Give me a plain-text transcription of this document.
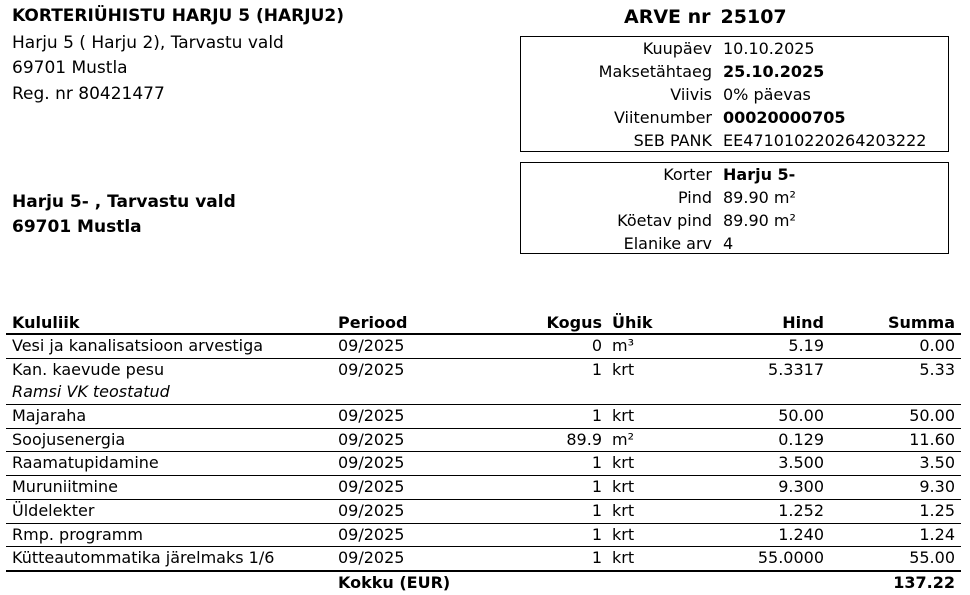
KORTERIÜHISTU HARJU 5 (HARJU2)
Harju 5 ( Harju 2), Tarvastu vald
69701 Mustla
Reg. nr 80421477
Harju 5- , Tarvastu vald
69701 Mustla
ARVE nr 25107
Kuupäev 10.10.2025
Maksetähtaeg 25.10.2025
Viivis 0% päevas
Viitenumber 00020000705
SEB PANK EE471010220264203222
Korter Harju 5-
Pind 89.90 m²
Köetav pind 89.90 m²
Elanike arv 4
Kululiik	Periood	Kogus Ühik	Hind	Summa
Vesi ja kanalisatsioon arvestiga	09/2025	0 m³	5.19	0.00
Kan. kaevude pesu	09/2025	1 krt	5.3317	5.33
Ramsi VK teostatud
Majaraha	09/2025	1 krt	50.00	50.00
Soojusenergia	09/2025	89.9 m²	0.129	11.60
Raamatupidamine	09/2025	1 krt	3.500	3.50
Muruniitmine	09/2025	1 krt	9.300	9.30
Üldelekter	09/2025	1 krt	1.252	1.25
Rmp. programm	09/2025	1 krt	1.240	1.24
Kütteautommatika järelmaks 1/6	09/2025	1 krt	55.0000	55.00
Kokku (EUR)	137.22
